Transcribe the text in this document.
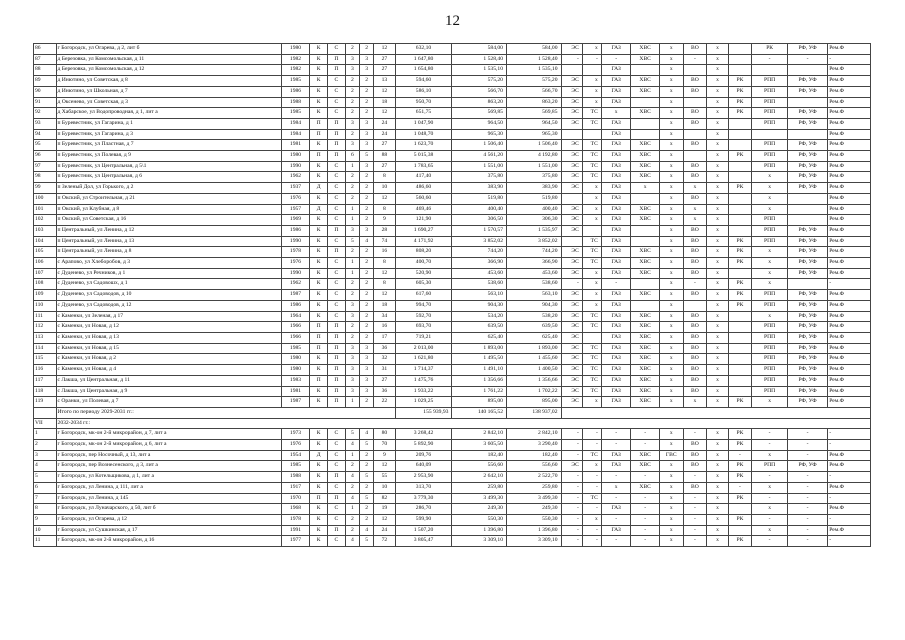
12
86	г Богородск, ул Огарева, д 2, лит б	1980	К	С	2	2	12	632,10	584,00	584,00	ЭС	х	ГАЗ	ХВС	х	ВО	х		РК	РФ, УФ	Рем.Ф
87	д Березовка, ул Комсомольская, д 11	1982	К	П	3	3	27	1 647,80	1 528,40	1 528,40	-	-	-	ХВС	х	-	х		-	-	-
88	д Березовка, ул Комсомольская, д 12	1982	К	П	3	3	27	1 654,80	1 535,10	1 535,10			ГАЗ		х		х				Рем.Ф
89	д Инютино, ул Советская, д 8	1985	К	С	2	2	13	594,60	575,20	575,20	ЭС	х	ГАЗ	ХВС	х	ВО	х	РК	РПП	РФ, УФ	Рем.Ф
90	д Инютино, ул Школьная, д 7	1986	К	С	2	2	12	586,10	566,70	566,70	ЭС	х	ГАЗ	ХВС	х	ВО	х	РК	РПП	РФ, УФ	Рем.Ф
91	д Оксенево, ул Советская, д 3	1988	К	С	2	2	18	950,70	863,20	863,20	ЭС	х	ГАЗ		х		х	РК	РПП		Рем.Ф
92	д Хабарское, ул Водопроводная, д 1, лит а	1985	К	С	2	2	12	651,75	569,85	569,85	ЭС	ТС	х	ХВС	х	ВО	х	РК	РПП	РФ, УФ	Рем.Ф
93	п Буревестник, ул Гагарина, д 1	1984	П	П	3	3	24	1 047,90	964,50	964,50	ЭС	ТС	ГАЗ		х	ВО	х		РПП	РФ, УФ	Рем.Ф
94	п Буревестник, ул Гагарина, д 3	1984	П	П	2	3	24	1 048,70	965,30	965,30			ГАЗ		х		х				Рем.Ф
95	п Буревестник, ул Пластная, д 7	1981	К	П	3	3	27	1 623,70	1 506,40	1 506,40	ЭС	ТС	ГАЗ	ХВС	х	ВО	х		РПП	РФ, УФ	Рем.Ф
96	п Буревестник, ул Полевая, д 9	1980	П	П	6	5	88	5 015,38	4 561,20	4 192,80	ЭС	ТС	ГАЗ	ХВС	х		х	РК	РПП	РФ, УФ	Рем.Ф
97	п Буревестник, ул Центральная, д 5\1	1990	К	С	1	3	27	1 783,65	1 551,00	1 551,00	ЭС	ТС	ГАЗ	ХВС	х	ВО	х		РПП	РФ, УФ	Рем.Ф
98	п Буревестник, ул Центральная, д 6	1962	К	С	2	2	8	417,40	375,80	375,80	ЭС	ТС	ГАЗ	ХВС	х	ВО	х		х	РФ, УФ	Рем.Ф
99	п Зеленый Дол, ул Горького, д 2	1937	Д	С	2	2	10	486,60	383,90	383,90	ЭС	х	ГАЗ	х	х	х	х	РК	х	РФ, УФ	Рем.Ф
100	п Окский, ул Строительная, д 21	1976	К	С	2	2	12	560,60	519,80	519,80		х	ГАЗ		х	ВО	х		х		Рем.Ф
101	п Окский, ул Клубная, д 8	1957	Д	С	1	2	8	469,46	400,40	400,40	ЭС	х	ГАЗ	ХВС	х	х	х		х		Рем.Ф
102	п Окский, ул Советская, д 16	1969	К	С	1	2	9	121,90	306,50	306,30	ЭС	х	ГАЗ	ХВС	х	х	х		РПП		Рем.Ф
103	п Центральный, ул Ленина, д 12	1986	К	П	3	3	28	1 690,27	1 570,57	1 535,97	ЭС		ГАЗ		х	ВО	х		РПП	РФ, УФ	Рем.Ф
104	п Центральный, ул Ленина, д 13	1990	К	С	5	4	74	4 171,92	3 852,02	3 852,02		ТС	ГАЗ		х	ВО	х	РК	РПП	РФ, УФ	Рем.Ф
105	п Центральный, ул Ленина, д 8	1978	К	П	2	2	16	808,20	744,20	744,20	ЭС	ТС	ГАЗ	ХВС	х	ВО	х	РК	х	РФ, УФ	Рем.Ф
106	с Арапово, ул Хлеборобов, д 3	1976	К	С	1	2	8	400,70	366,90	366,90	ЭС	ТС	ГАЗ	ХВС	х	ВО	х	РК	х	РФ, УФ	Рем.Ф
107	с Дуденево, ул Речников, д 1	1990	К	С	1	2	12	520,90	453,60	453,60	ЭС	х	ГАЗ	ХВС	х	ВО	х		х	РФ, УФ	Рем.Ф
108	с Дуденево, ул Садовошх, д 1	1962	К	С	2	2	8	605,30	538,60	538,60	-	х	-		х	-	х	РК	х		-
109	с Дуденево, ул Садоводов, д 10	1987	К	С	2	2	12	617,60	563,10	563,10	ЭС	х	ГАЗ	ХВС	х	ВО	х	РК	РПП	РФ, УФ	Рем.Ф
110	с Дуденево, ул Садоводов, д 12	1986	К	С	3	2	18	994,70	904,30	904,30	ЭС	х	ГАЗ		х		х	РК	РПП	РФ, УФ	Рем.Ф
111	с Каменки, ул Зеленая, д 17	1964	К	С	3	2	34	592,70	534,20	538,20	ЭС	ТС	ГАЗ	ХВС	х	ВО	х		х	РФ, УФ	Рем.Ф
112	с Каменки, ул Новая, д 12	1966	П	П	2	2	16	693,70	639,50	639,50	ЭС	ТС	ГАЗ	ХВС	х	ВО	х		РПП	РФ, УФ	Рем.Ф
113	с Каменки, ул Новая, д 13	1966	П	П	2	2	17	719,21	625,40	625,40	ЭС		ГАЗ	ХВС	х	ВО	х		РПП	РФ, УФ	Рем.Ф
114	с Каменки, ул Новая, д 15	1985	П	П	3	3	36	2 013,00	1 893,00	1 893,00	ЭС	ТС	ГАЗ	ХВС	х	ВО	х		РПП	РФ, УФ	Рем.Ф
115	с Каменки, ул Новая, д 2	1980	К	П	3	3	32	1 621,80	1 495,50	1 455,60	ЭС	ТС	ГАЗ	ХВС	х	ВО	х		РПП	РФ, УФ	Рем.Ф
116	с Каменки, ул Новая, д 4	1980	К	П	3	3	31	1 714,37	1 491,10	1 400,50	ЭС	ТС	ГАЗ	ХВС	х	ВО	х		РПП	РФ, УФ	Рем.Ф
117	с Лакша, ул Центральная, д 11	1983	П	П	3	3	27	1 475,76	1 356,66	1 356,66	ЭС	ТС	ГАЗ	ХВС	х	ВО	х		РПП	РФ, УФ	Рем.Ф
118	с Лакша, ул Центральная, д 9	1981	К	П	3	3	36	1 933,22	1 761,22	1 702,22	ЭС	ТС	ГАЗ	ХВС	х	ВО	х		РПП	РФ, УФ	Рем.Ф
119	с Оранки, ул Полевая, д 7	1987	К	П	1	2	22	1 029,25	895,00	895,00	ЭС	х	ГАЗ	ХВС	х	х	х	РК	х	РФ, УФ	Рем.Ф
	Итого по периоду 2029-2031 гг.:							155 939,93	140 165,52	138 937,02											
VII	2032-2034 гг.:																				
1	г Богородск, мк-он 2-й микрорайон, д 7, лит а	1973	К	С	5	4	80	3 268,42	2 842,10	2 842,10	-	-	-	-	х	-	х	РК	-	-	-
2	г Богородск, мк-он 2-й микрорайон, д 6, лит а	1976	К	С	4	5	70	5 892,90	3 605,50	3 290,40	-	-	-	-	х	ВО	х	РК	-	-	-
3	г Богородск, пер Носочный, д 13, лит а	1954	Д	С	1	2	9	209,76	182,40	182,40	-	ТС	ГАЗ	ХВС	ГВС	ВО	х	-	х	-	Рем.Ф
4	г Богородск, пер Вознесенского, д 3, лит а	1985	К	С	2	2	12	640,09	556,60	556,60	ЭС	х	ГАЗ	ХВС	х	ВО	х	РК	РПП	РФ, УФ	Рем.Ф
5	г Богородск, ул Котельщикова, д 1, лит а	1988	К	П	4	5	55	2 953,90	2 642,10	2 522,70	-	-	-	-	х	-	х	РК	-	-	-
6	г Богородск, ул Ленина, д 111, лит а	1917	К	С	2	2	10	313,70	259,80	259,80	-	-	х	ХВС	х	ВО	х	-	х	-	Рем.Ф
7	г Богородск, ул Ленина, д 145	1970	П	П	4	5	82	3 779,30	3 499,30	3 499,30	-	ТС	-	-	х	-	х	РК	-	-	-
8	г Богородск, ул Луначарского, д 50, лит б	1968	К	С	1	2	19	286,70	249,30	249,30	-	-	ГАЗ	-	х	-	х		х	-	Рем.Ф
9	г Богородск, ул Огарева, д 12	1978	К	С	2	2	12	599,90	550,30	550,30	-	х	-	-	х	-	х	РК	-	-	-
10	г Богородск, ул Сушкинская, д 17	1991	К	П	2	4	24	1 507,20	1 396,80	1 396,80	-	-	ГАЗ	-	х	-	х		х	-	Рем.Ф
11	г Богородск, мк-он 2-й микрорайон, д 16	1977	К	С	4	5	72	3 805,47	3 309,10	3 309,10	-	-	-	-	х	-	х	РК	-	-	-
